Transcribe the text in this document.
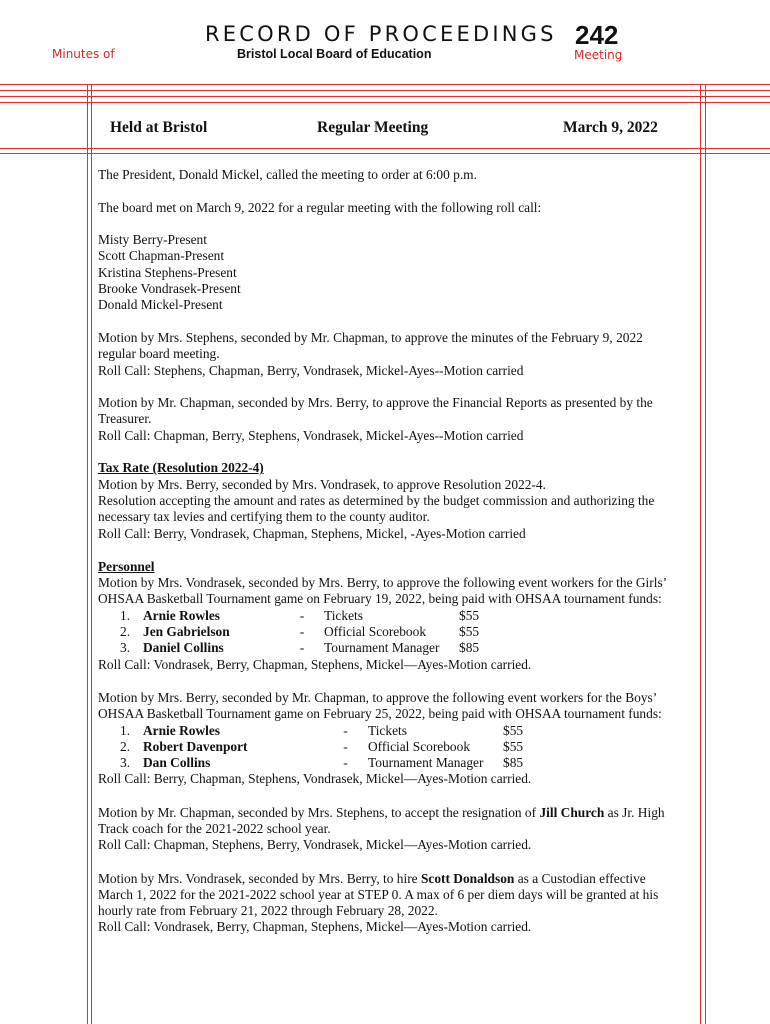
RECORD OF PROCEEDINGS 242
Minutes of	Bristol Local Board of Education	Meeting
Held at Bristol	Regular Meeting	March 9, 2022

The President, Donald Mickel, called the meeting to order at 6:00 p.m.

The board met on March 9, 2022 for a regular meeting with the following roll call:

Misty Berry-Present
Scott Chapman-Present
Kristina Stephens-Present
Brooke Vondrasek-Present
Donald Mickel-Present

Motion by Mrs. Stephens, seconded by Mr. Chapman, to approve the minutes of the February 9, 2022
regular board meeting.
Roll Call: Stephens, Chapman, Berry, Vondrasek, Mickel-Ayes--Motion carried

Motion by Mr. Chapman, seconded by Mrs. Berry, to approve the Financial Reports as presented by the
Treasurer.
Roll Call: Chapman, Berry, Stephens, Vondrasek, Mickel-Ayes--Motion carried

Tax Rate (Resolution 2022-4)
Motion by Mrs. Berry, seconded by Mrs. Vondrasek, to approve Resolution 2022-4.
Resolution accepting the amount and rates as determined by the budget commission and authorizing the
necessary tax levies and certifying them to the county auditor.
Roll Call: Berry, Vondrasek, Chapman, Stephens, Mickel, -Ayes-Motion carried

Personnel
Motion by Mrs. Vondrasek, seconded by Mrs. Berry, to approve the following event workers for the Girls’
OHSAA Basketball Tournament game on February 19, 2022, being paid with OHSAA tournament funds:
1. Arnie Rowles	-	Tickets	$55
2. Jen Gabrielson	-	Official Scorebook	$55
3. Daniel Collins	-	Tournament Manager	$85
Roll Call: Vondrasek, Berry, Chapman, Stephens, Mickel—Ayes-Motion carried.

Motion by Mrs. Berry, seconded by Mr. Chapman, to approve the following event workers for the Boys’
OHSAA Basketball Tournament game on February 25, 2022, being paid with OHSAA tournament funds:
1. Arnie Rowles	-	Tickets	$55
2. Robert Davenport	-	Official Scorebook	$55
3. Dan Collins	-	Tournament Manager	$85
Roll Call: Berry, Chapman, Stephens, Vondrasek, Mickel—Ayes-Motion carried.

Motion by Mr. Chapman, seconded by Mrs. Stephens, to accept the resignation of Jill Church as Jr. High
Track coach for the 2021-2022 school year.
Roll Call: Chapman, Stephens, Berry, Vondrasek, Mickel—Ayes-Motion carried.

Motion by Mrs. Vondrasek, seconded by Mrs. Berry, to hire Scott Donaldson as a Custodian effective
March 1, 2022 for the 2021-2022 school year at STEP 0. A max of 6 per diem days will be granted at his
hourly rate from February 21, 2022 through February 28, 2022.
Roll Call: Vondrasek, Berry, Chapman, Stephens, Mickel—Ayes-Motion carried.
